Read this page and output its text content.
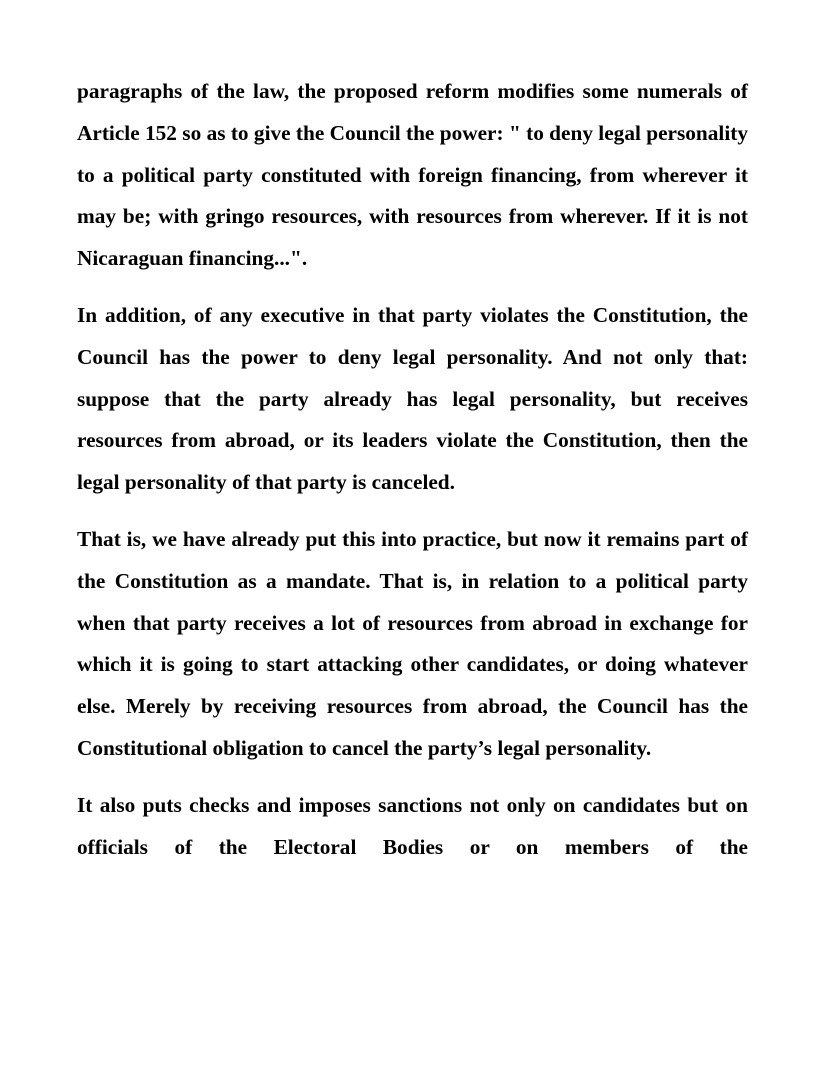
paragraphs of the law, the proposed reform modifies some numerals of Article 152 so as to give the Council the power: " to deny legal personality to a political party constituted with foreign financing, from wherever it may be; with gringo resources, with resources from wherever. If it is not Nicaraguan financing...".

In addition, of any executive in that party violates the Constitution, the Council has the power to deny legal personality. And not only that: suppose that the party already has legal personality, but receives resources from abroad, or its leaders violate the Constitution, then the legal personality of that party is canceled.

That is, we have already put this into practice, but now it remains part of the Constitution as a mandate. That is, in relation to a political party when that party receives a lot of resources from abroad in exchange for which it is going to start attacking other candidates, or doing whatever else. Merely by receiving resources from abroad, the Council has the Constitutional obligation to cancel the party’s legal personality.

It also puts checks and imposes sanctions not only on candidates but on officials of the Electoral Bodies or on members of the
